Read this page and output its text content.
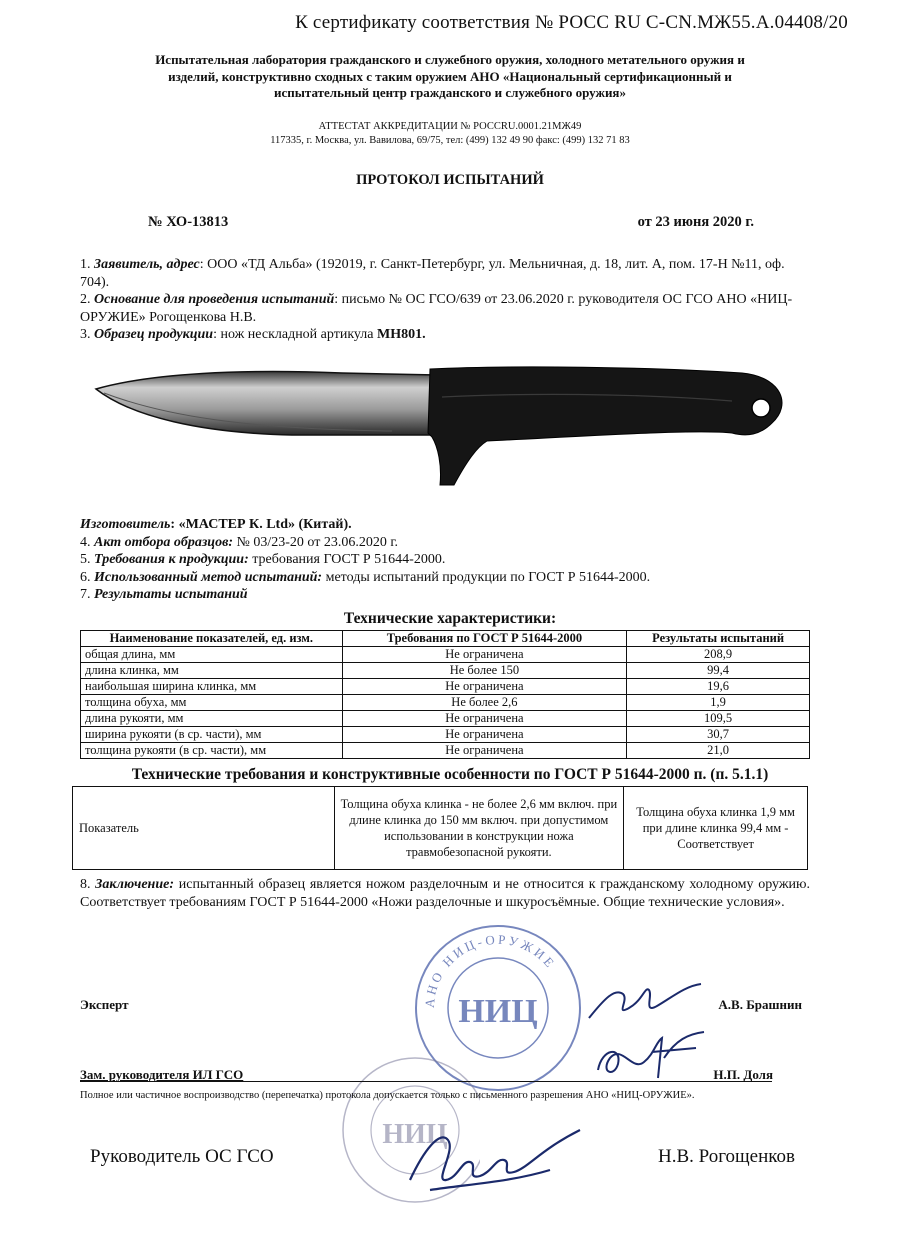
К сертификату соответствия № РОСС RU C-CN.МЖ55.А.04408/20
Испытательная лаборатория гражданского и служебного оружия, холодного метательного оружия и
изделий, конструктивно сходных с таким оружием АНО «Национальный сертификационный и
испытательный центр гражданского и служебного оружия»
АТТЕСТАТ АККРЕДИТАЦИИ № РОССRU.0001.21МЖ49
117335, г. Москва, ул. Вавилова, 69/75, тел: (499) 132 49 90 факс: (499) 132 71 83
ПРОТОКОЛ ИСПЫТАНИЙ
№ ХО-13813	от 23 июня 2020 г.

1. Заявитель, адрес: ООО «ТД Альба» (192019, г. Санкт-Петербург, ул. Мельничная, д. 18, лит. А, пом. 17-Н №11, оф. 704).

2. Основание для проведения испытаний: письмо № ОС ГСО/639 от 23.06.2020 г. руководителя ОС ГСО АНО «НИЦ-ОРУЖИЕ» Рогощенкова Н.В.

3. Образец продукции: нож нескладной артикула МН801.

Изготовитель: «МАСТЕР К. Ltd» (Китай).

4. Акт отбора образцов: № 03/23-20 от 23.06.2020 г.

5. Требования к продукции: требования ГОСТ Р 51644-2000.

6. Использованный метод испытаний: методы испытаний продукции по ГОСТ Р 51644-2000.

7. Результаты испытаний

Технические характеристики:
Наименование показателей, ед. изм.	Требования по ГОСТ Р 51644-2000	Результаты испытаний
общая длина, мм	Не ограничена	208,9
длина клинка, мм	Не более 150	99,4
наибольшая ширина клинка, мм	Не ограничена	19,6
толщина обуха, мм	Не более 2,6	1,9
длина рукояти, мм	Не ограничена	109,5
ширина рукояти (в ср. части), мм	Не ограничена	30,7
толщина рукояти (в ср. части), мм	Не ограничена	21,0
Технические требования и конструктивные особенности по ГОСТ Р 51644-2000 п. (п. 5.1.1)
Показатель	Толщина обуха клинка - не более 2,6 мм включ. при длине клинка до 150 мм включ. при допустимом использовании в конструкции ножа травмобезопасной рукояти.	Толщина обуха клинка 1,9 мм при длине клинка 99,4 мм - Соответствует
8. Заключение: испытанный образец является ножом разделочным и не относится к гражданскому холодному оружию. Соответствует требованиям ГОСТ Р 51644-2000 «Ножи разделочные и шкуросъёмные. Общие технические условия».
АНО НИЦ-ОРУЖИЕ
НИЦ
НИЦ
Эксперт	А.В. Брашнин
Зам. руководителя ИЛ ГСО	Н.П. Доля
Полное или частичное воспроизводство (перепечатка) протокола допускается только с письменного разрешения АНО «НИЦ-ОРУЖИЕ».
Руководитель ОС ГСО	Н.В. Рогощенков
